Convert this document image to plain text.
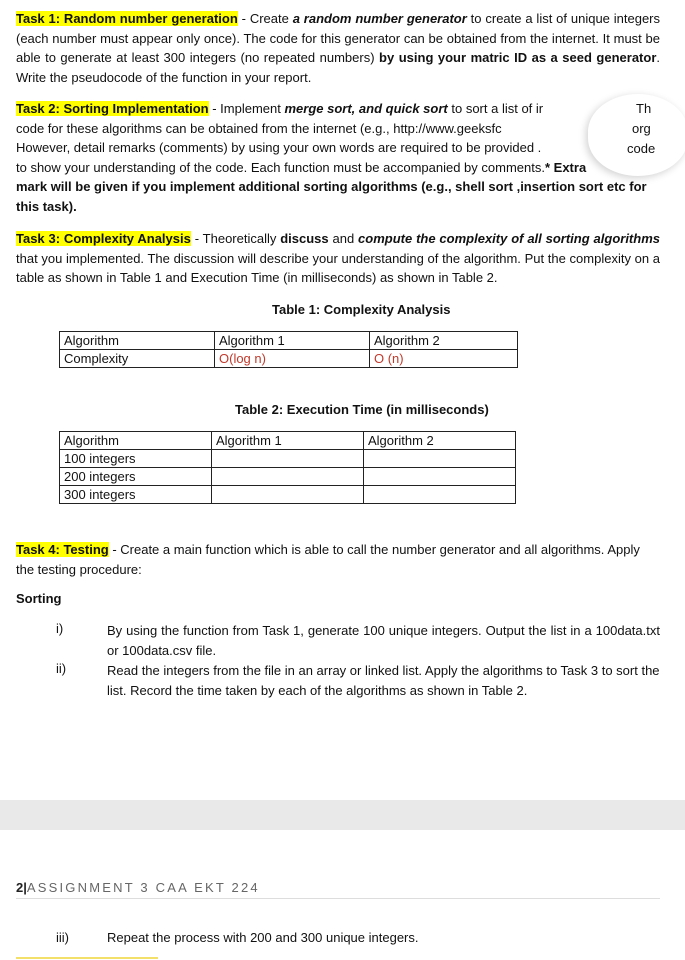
Task 1: Random number generation - Create a random number generator to create a list of unique integers (each number must appear only once). The code for this generator can be obtained from the internet. It must be able to generate at least 300 integers (no repeated numbers) by using your matric ID as a seed generator. Write the pseudocode of the function in your report.
Task 2: Sorting Implementation - Implement merge sort, and quick sort to sort a list of ir
code for these algorithms can be obtained from the internet (e.g., http://www.geeksfc
However, detail remarks (comments) by using your own words are required to be provided .
to show your understanding of the code. Each function must be accompanied by comments.* Extra
mark will be given if you implement additional sorting algorithms (e.g., shell sort ,insertion sort etc for
this task).
Th
org
code
Task 3: Complexity Analysis - Theoretically discuss and compute the complexity of all sorting algorithms that you implemented. The discussion will describe your understanding of the algorithm. Put the complexity on a table as shown in Table 1 and Execution Time (in milliseconds) as shown in Table 2.
Table 1: Complexity Analysis
Algorithm	Algorithm 1	Algorithm 2
Complexity	O(log n)	O (n)
Table 2: Execution Time (in milliseconds)
Algorithm	Algorithm 1	Algorithm 2
100 integers		
200 integers		
300 integers		
Task 4: Testing - Create a main function which is able to call the number generator and all algorithms. Apply the testing procedure:
Sorting
i)	By using the function from Task 1, generate 100 unique integers. Output the list in a 100data.txt or 100data.csv file.
ii)	Read the integers from the file in an array or linked list. Apply the algorithms to Task 3 to sort the list. Record the time taken by each of the algorithms as shown in Table 2.
2|ASSIGNMENT 3 CAA EKT 224
iii)	Repeat the process with 200 and 300 unique integers.
